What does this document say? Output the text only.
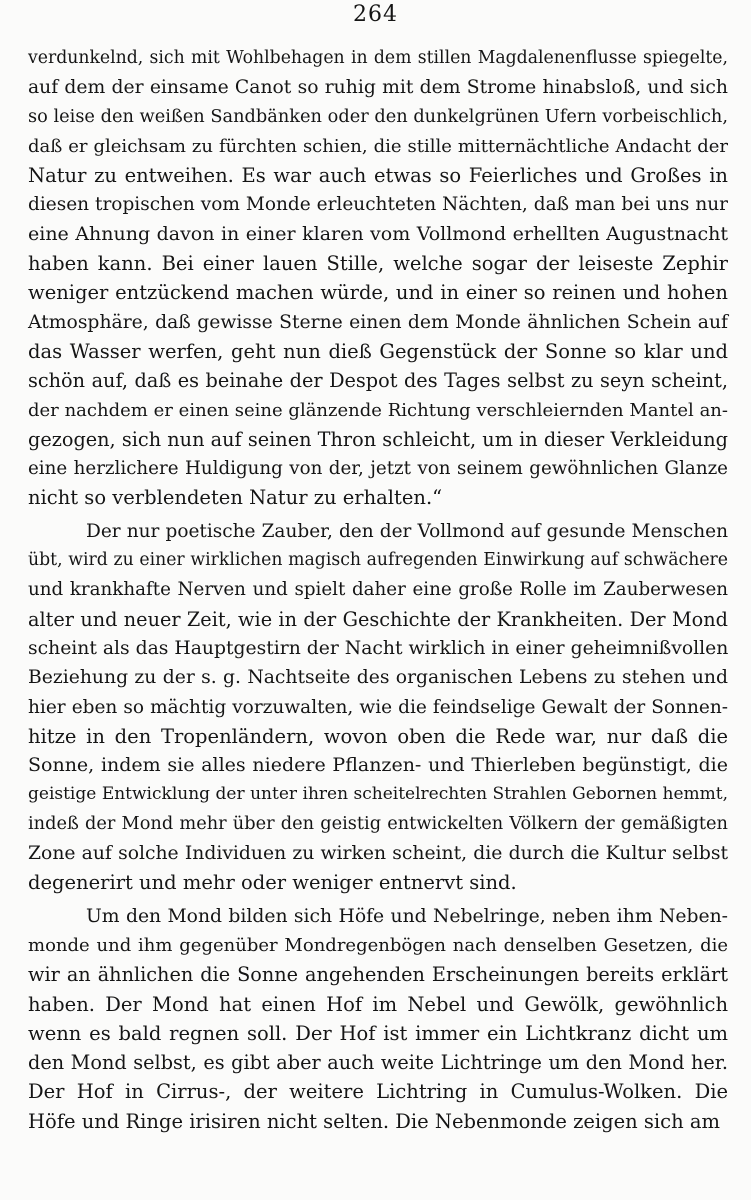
264
verdunkelnd, sich mit Wohlbehagen in dem stillen Magdalenenflusse spiegelte,
auf dem der einsame Canot so ruhig mit dem Strome hinabsloß, und sich
so leise den weißen Sandbänken oder den dunkelgrünen Ufern vorbeischlich,
daß er gleichsam zu fürchten schien, die stille mitternächtliche Andacht der
Natur zu entweihen. Es war auch etwas so Feierliches und Großes in
diesen tropischen vom Monde erleuchteten Nächten, daß man bei uns nur
eine Ahnung davon in einer klaren vom Vollmond erhellten Augustnacht
haben kann. Bei einer lauen Stille, welche sogar der leiseste Zephir
weniger entzückend machen würde, und in einer so reinen und hohen
Atmosphäre, daß gewisse Sterne einen dem Monde ähnlichen Schein auf
das Wasser werfen, geht nun dieß Gegenstück der Sonne so klar und
schön auf, daß es beinahe der Despot des Tages selbst zu seyn scheint,
der nachdem er einen seine glänzende Richtung verschleiernden Mantel an-
gezogen, sich nun auf seinen Thron schleicht, um in dieser Verkleidung
eine herzlichere Huldigung von der, jetzt von seinem gewöhnlichen Glanze
nicht so verblendeten Natur zu erhalten.“
Der nur poetische Zauber, den der Vollmond auf gesunde Menschen
übt, wird zu einer wirklichen magisch aufregenden Einwirkung auf schwächere
und krankhafte Nerven und spielt daher eine große Rolle im Zauberwesen
alter und neuer Zeit, wie in der Geschichte der Krankheiten. Der Mond
scheint als das Hauptgestirn der Nacht wirklich in einer geheimnißvollen
Beziehung zu der s. g. Nachtseite des organischen Lebens zu stehen und
hier eben so mächtig vorzuwalten, wie die feindselige Gewalt der Sonnen-
hitze in den Tropenländern, wovon oben die Rede war, nur daß die
Sonne, indem sie alles niedere Pflanzen- und Thierleben begünstigt, die
geistige Entwicklung der unter ihren scheitelrechten Strahlen Gebornen hemmt,
indeß der Mond mehr über den geistig entwickelten Völkern der gemäßigten
Zone auf solche Individuen zu wirken scheint, die durch die Kultur selbst
degenerirt und mehr oder weniger entnervt sind.
Um den Mond bilden sich Höfe und Nebelringe, neben ihm Neben-
monde und ihm gegenüber Mondregenbögen nach denselben Gesetzen, die
wir an ähnlichen die Sonne angehenden Erscheinungen bereits erklärt
haben. Der Mond hat einen Hof im Nebel und Gewölk, gewöhnlich
wenn es bald regnen soll. Der Hof ist immer ein Lichtkranz dicht um
den Mond selbst, es gibt aber auch weite Lichtringe um den Mond her.
Der Hof in Cirrus-, der weitere Lichtring in Cumulus-Wolken. Die
Höfe und Ringe irisiren nicht selten. Die Nebenmonde zeigen sich am
